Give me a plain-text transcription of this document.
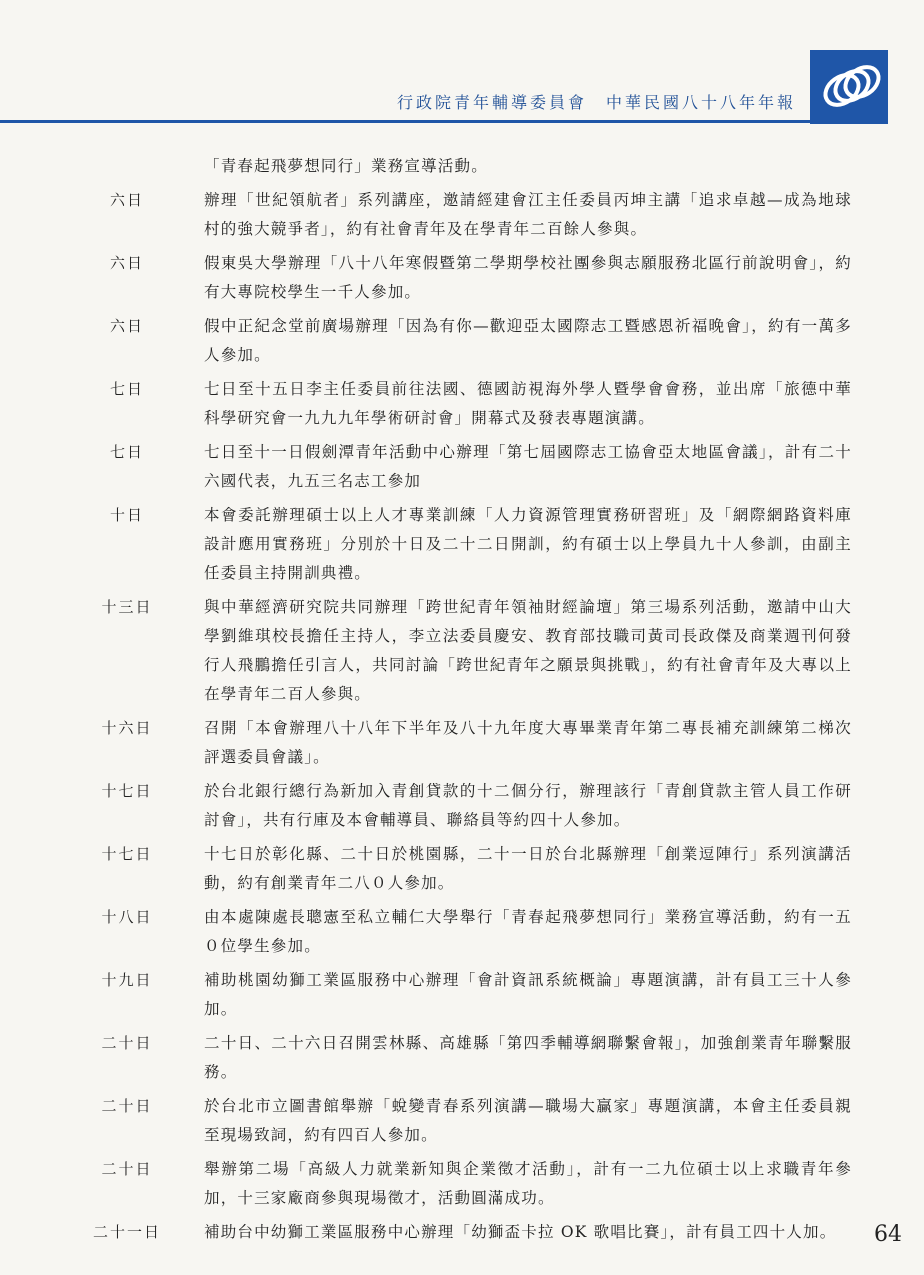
行政院青年輔導委員會　中華民國八十八年年報
「青春起飛夢想同行」業務宣導活動。
六日	辦理「世紀領航者」系列講座，邀請經建會江主任委員丙坤主講「追求卓越—成為地球村的強大競爭者」，約有社會青年及在學青年二百餘人參與。
六日	假東吳大學辦理「八十八年寒假暨第二學期學校社團參與志願服務北區行前說明會」，約有大專院校學生一千人參加。
六日	假中正紀念堂前廣場辦理「因為有你—歡迎亞太國際志工暨感恩祈福晚會」，約有一萬多人參加。
七日	七日至十五日李主任委員前往法國、德國訪視海外學人暨學會會務，並出席「旅德中華科學研究會一九九九年學術研討會」開幕式及發表專題演講。
七日	七日至十一日假劍潭青年活動中心辦理「第七屆國際志工協會亞太地區會議」，計有二十六國代表，九五三名志工參加
十日	本會委託辦理碩士以上人才專業訓練「人力資源管理實務研習班」及「網際網路資料庫設計應用實務班」分別於十日及二十二日開訓，約有碩士以上學員九十人參訓，由副主任委員主持開訓典禮。
十三日	與中華經濟研究院共同辦理「跨世紀青年領袖財經論壇」第三場系列活動，邀請中山大學劉維琪校長擔任主持人，李立法委員慶安、教育部技職司黃司長政傑及商業週刊何發行人飛鵬擔任引言人，共同討論「跨世紀青年之願景與挑戰」，約有社會青年及大專以上在學青年二百人參與。
十六日	召開「本會辦理八十八年下半年及八十九年度大專畢業青年第二專長補充訓練第二梯次評選委員會議」。
十七日	於台北銀行總行為新加入青創貸款的十二個分行，辦理該行「青創貸款主管人員工作研討會」，共有行庫及本會輔導員、聯絡員等約四十人參加。
十七日	十七日於彰化縣、二十日於桃園縣，二十一日於台北縣辦理「創業逗陣行」系列演講活動，約有創業青年二八０人參加。
十八日	由本處陳處長聰憲至私立輔仁大學舉行「青春起飛夢想同行」業務宣導活動，約有一五０位學生參加。
十九日	補助桃園幼獅工業區服務中心辦理「會計資訊系統概論」專題演講，計有員工三十人參加。
二十日	二十日、二十六日召開雲林縣、高雄縣「第四季輔導網聯繫會報」，加強創業青年聯繫服務。
二十日	於台北市立圖書館舉辦「蛻變青春系列演講—職場大贏家」專題演講，本會主任委員親至現場致詞，約有四百人參加。
二十日	舉辦第二場「高級人力就業新知與企業徵才活動」，計有一二九位碩士以上求職青年參加，十三家廠商參與現場徵才，活動圓滿成功。
二十一日	補助台中幼獅工業區服務中心辦理「幼獅盃卡拉 OK 歌唱比賽」，計有員工四十人加。	64
